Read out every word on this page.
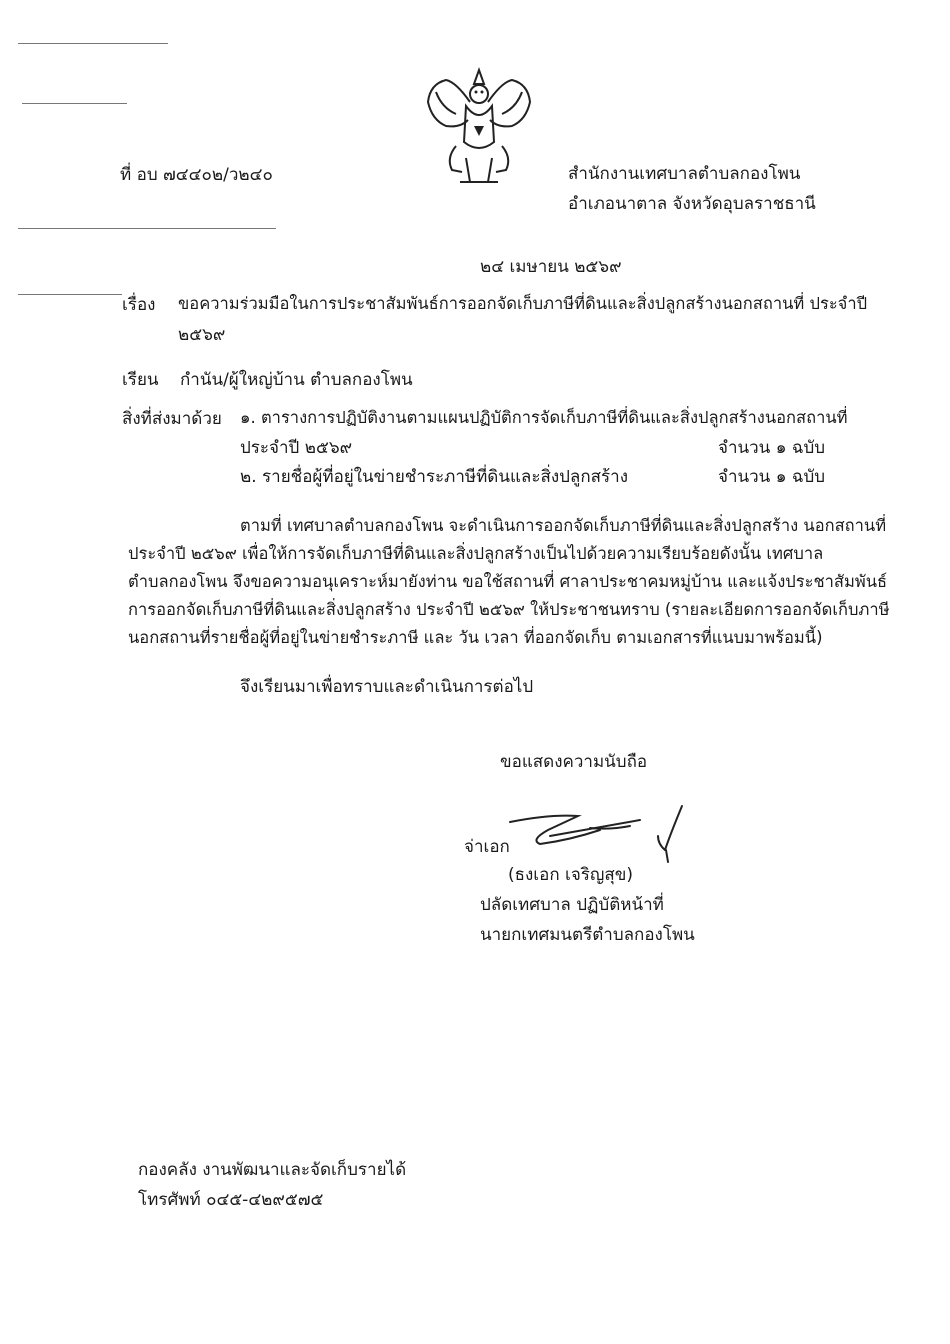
ที่ อบ ๗๔๔๐๒/ว๒๔๐	สำนักงานเทศบาลตำบลกองโพน
อำเภอนาตาล จังหวัดอุบลราชธานี
๒๔ เมษายน ๒๕๖๙
เรื่อง ขอความร่วมมือในการประชาสัมพันธ์การออกจัดเก็บภาษีที่ดินและสิ่งปลูกสร้างนอกสถานที่ ประจำปี
๒๕๖๙
เรียน กำนัน/ผู้ใหญ่บ้าน ตำบลกองโพน
สิ่งที่ส่งมาด้วย ๑. ตารางการปฏิบัติงานตามแผนปฏิบัติการจัดเก็บภาษีที่ดินและสิ่งปลูกสร้างนอกสถานที่
ประจำปี ๒๕๖๙	จำนวน ๑ ฉบับ
๒. รายชื่อผู้ที่อยู่ในข่ายชำระภาษีที่ดินและสิ่งปลูกสร้าง	จำนวน ๑ ฉบับ
ตามที่ เทศบาลตำบลกองโพน จะดำเนินการออกจัดเก็บภาษีที่ดินและสิ่งปลูกสร้าง นอกสถานที่
ประจำปี ๒๕๖๙ เพื่อให้การจัดเก็บภาษีที่ดินและสิ่งปลูกสร้างเป็นไปด้วยความเรียบร้อยดังนั้น เทศบาล
ตำบลกองโพน จึงขอความอนุเคราะห์มายังท่าน ขอใช้สถานที่ ศาลาประชาคมหมู่บ้าน และแจ้งประชาสัมพันธ์
การออกจัดเก็บภาษีที่ดินและสิ่งปลูกสร้าง ประจำปี ๒๕๖๙ ให้ประชาชนทราบ (รายละเอียดการออกจัดเก็บภาษี
นอกสถานที่รายชื่อผู้ที่อยู่ในข่ายชำระภาษี และ วัน เวลา ที่ออกจัดเก็บ ตามเอกสารที่แนบมาพร้อมนี้)
จึงเรียนมาเพื่อทราบและดำเนินการต่อไป
ขอแสดงความนับถือ
จ่าเอก
(ธงเอก เจริญสุข)
ปลัดเทศบาล ปฏิบัติหน้าที่
นายกเทศมนตรีตำบลกองโพน
กองคลัง งานพัฒนาและจัดเก็บรายได้
โทรศัพท์ ๐๔๕-๔๒๙๕๗๕
